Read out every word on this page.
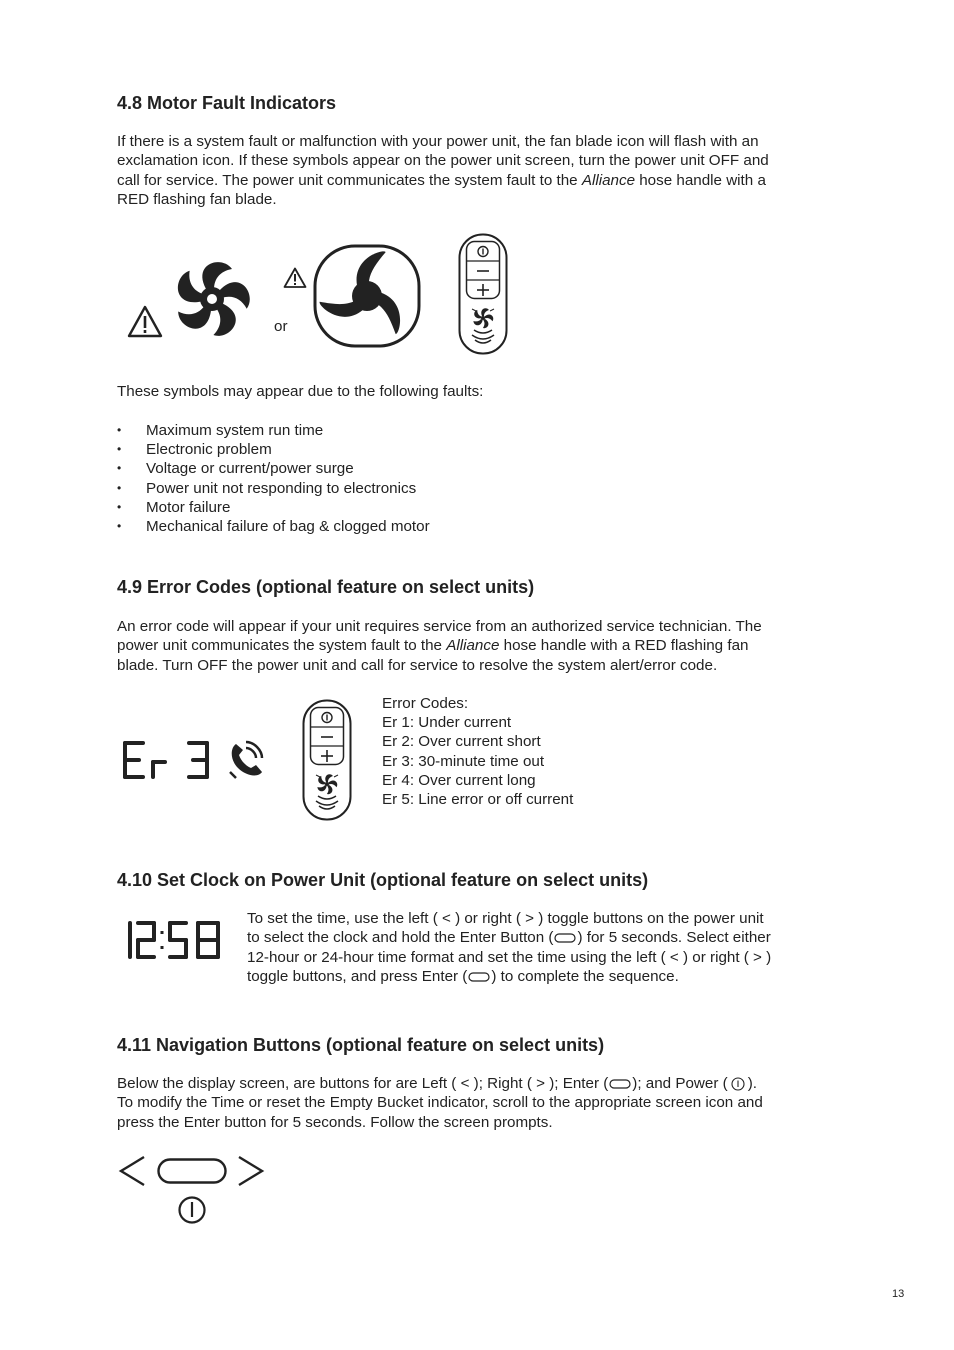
4.8 Motor Fault Indicators
If there is a system fault or malfunction with your power unit, the fan blade icon will flash with an
exclamation icon. If these symbols appear on the power unit screen, turn the power unit OFF and
call for service. The power unit communicates the system fault to the Alliance hose handle with a
RED flashing fan blade.
or
These symbols may appear due to the following faults:
• Maximum system run time
• Electronic problem
• Voltage or current/power surge
• Power unit not responding to electronics
• Motor failure
• Mechanical failure of bag & clogged motor
4.9 Error Codes (optional feature on select units)
An error code will appear if your unit requires service from an authorized service technician. The
power unit communicates the system fault to the Alliance hose handle with a RED flashing fan
blade. Turn OFF the power unit and call for service to resolve the system alert/error code.
Error Codes:
Er 1: Under current
Er 2: Over current short
Er 3: 30-minute time out
Er 4: Over current long
Er 5: Line error or off current
4.10 Set Clock on Power Unit (optional feature on select units)
To set the time, use the left ( < ) or right ( > ) toggle buttons on the power unit
to select the clock and hold the Enter Button ( ) for 5 seconds. Select either
12-hour or 24-hour time format and set the time using the left ( < ) or right ( > )
toggle buttons, and press Enter ( ) to complete the sequence.
4.11 Navigation Buttons (optional feature on select units)
Below the display screen, are buttons for are Left ( < ); Right ( > ); Enter ( ); and Power ( ).
To modify the Time or reset the Empty Bucket indicator, scroll to the appropriate screen icon and
press the Enter button for 5 seconds. Follow the screen prompts.
13
